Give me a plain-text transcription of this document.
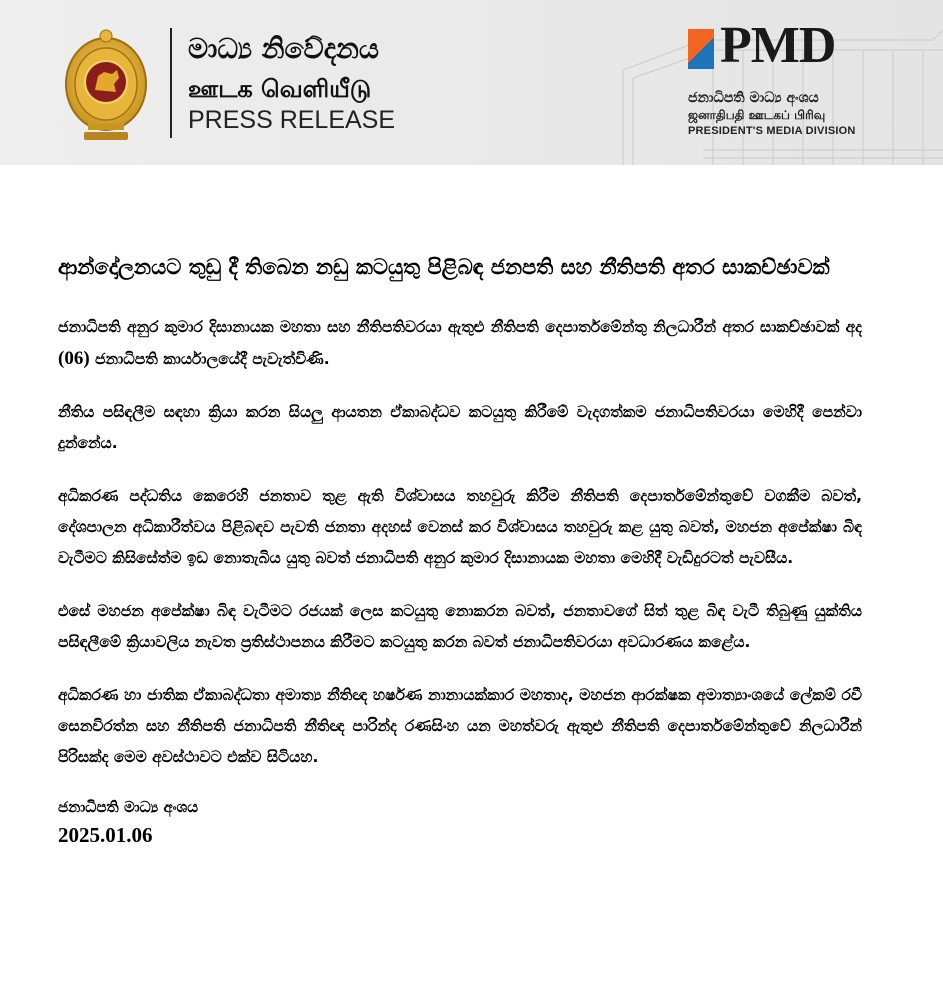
මාධ්‍ය නිවේදනය
ஊடக வெளியீடு
PRESS RELEASE
PMD
ජනාධිපති මාධ්‍ය අංශය
ஜனாதிபதி ஊடகப் பிரிவு
PRESIDENT'S MEDIA DIVISION

ආන්දෝලනයට තුඩු දී තිබෙන නඩු කටයුතු පිළිබඳ ජනපති සහ නීතිපති අතර සාකච්ඡාවක්

ජනාධිපති අනුර කුමාර දිසානායක මහතා සහ නීතිපතිවරයා ඇතුළු නීතිපති දෙපාර්තමේන්තු නිලධාරීන් අතර සාකච්ඡාවක් අද (06) ජනාධිපති කාර්යාලයේදී පැවැත්විණි.

නීතිය පසිඳලීම සඳහා ක්‍රියා කරන සියලු ආයතන ඒකාබද්ධව කටයුතු කිරීමේ වැදගත්කම ජනාධිපතිවරයා මෙහිදී පෙන්වා දුන්නේය.

අධිකරණ පද්ධතිය කෙරෙහි ජනතාව තුළ ඇති විශ්වාසය තහවුරු කිරීම නීතිපති දෙපාර්තමේන්තුවේ වගකීම බවත්, දේශපාලන අධිකාරීත්වය පිළිබඳව පැවති ජනතා අදහස් වෙනස් කර විශ්වාසය තහවුරු කළ යුතු බවත්, මහජන අපේක්ෂා බිඳ වැටීමට කිසිසේත්ම ඉඩ නොතැබිය යුතු බවත් ජනාධිපති අනුර කුමාර දිසානායක මහතා මෙහිදී වැඩිදුරටත් පැවසීය.

එසේ මහජන අපේක්ෂා බිඳ වැටීමට රජයක් ලෙස කටයුතු නොකරන බවත්, ජනතාවගේ සිත් තුළ බිඳ වැටී තිබුණු යුක්තිය පසිඳලීමේ ක්‍රියාවලිය නැවත ප්‍රතිස්ථාපනය කිරීමට කටයුතු කරන බවත් ජනාධිපතිවරයා අවධාරණය කළේය.

අධිකරණ හා ජාතික ඒකාබද්ධතා අමාත්‍ය නීතිඥ හර්ෂණ නානායක්කාර මහතාද, මහජන ආරක්ෂක අමාත්‍යාංශයේ ලේකම් රවී සෙනවිරත්න සහ නීතිපති ජනාධිපති නීතිඥ පාරින්ද රණසිංහ යන මහත්වරු ඇතුළු නීතිපති දෙපාර්තමේන්තුවේ නිලධාරීන් පිරිසක්ද මෙම අවස්ථාවට එක්ව සිටියහ.

ජනාධිපති මාධ්‍ය අංශය
2025.01.06
